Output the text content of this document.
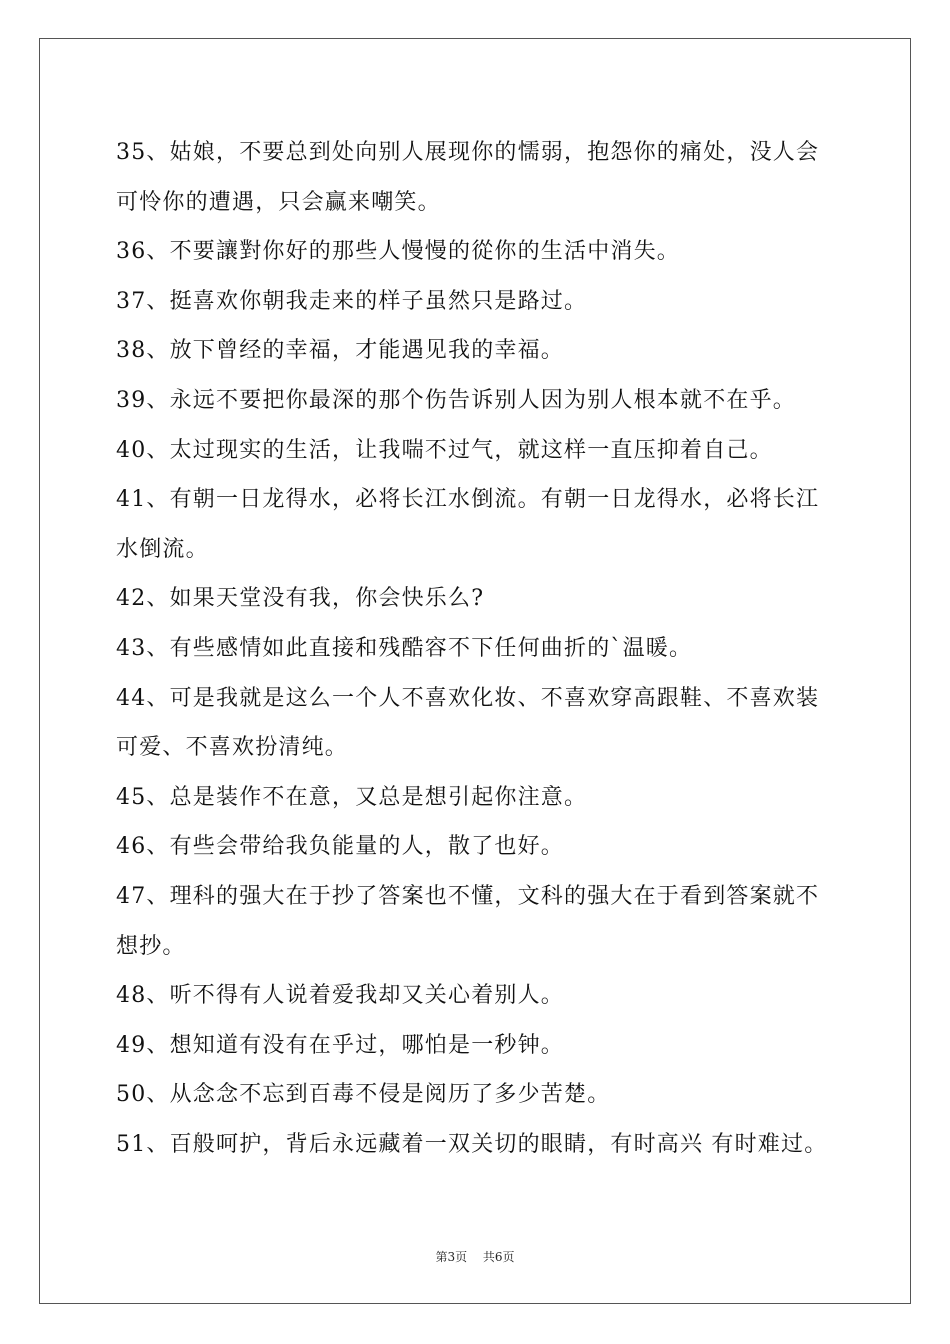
35、姑娘，不要总到处向别人展现你的懦弱，抱怨你的痛处，没人会
可怜你的遭遇，只会赢来嘲笑。
36、不要讓對你好的那些人慢慢的從你的生活中消失。
37、挺喜欢你朝我走来的样子虽然只是路过。
38、放下曾经的幸福，才能遇见我的幸福。
39、永远不要把你最深的那个伤告诉别人因为别人根本就不在乎。
40、太过现实的生活，让我喘不过气，就这样一直压抑着自己。
41、有朝一日龙得水，必将长江水倒流。有朝一日龙得水，必将长江
水倒流。
42、如果天堂没有我，你会快乐么?
43、有些感情如此直接和残酷容不下任何曲折的`温暖。
44、可是我就是这么一个人不喜欢化妆、不喜欢穿高跟鞋、不喜欢装
可爱、不喜欢扮清纯。
45、总是装作不在意，又总是想引起你注意。
46、有些会带给我负能量的人，散了也好。
47、理科的强大在于抄了答案也不懂，文科的强大在于看到答案就不
想抄。
48、听不得有人说着爱我却又关心着别人。
49、想知道有没有在乎过，哪怕是一秒钟。
50、从念念不忘到百毒不侵是阅历了多少苦楚。
51、百般呵护，背后永远藏着一双关切的眼睛，有时高兴 有时难过。
第3页 共6页
